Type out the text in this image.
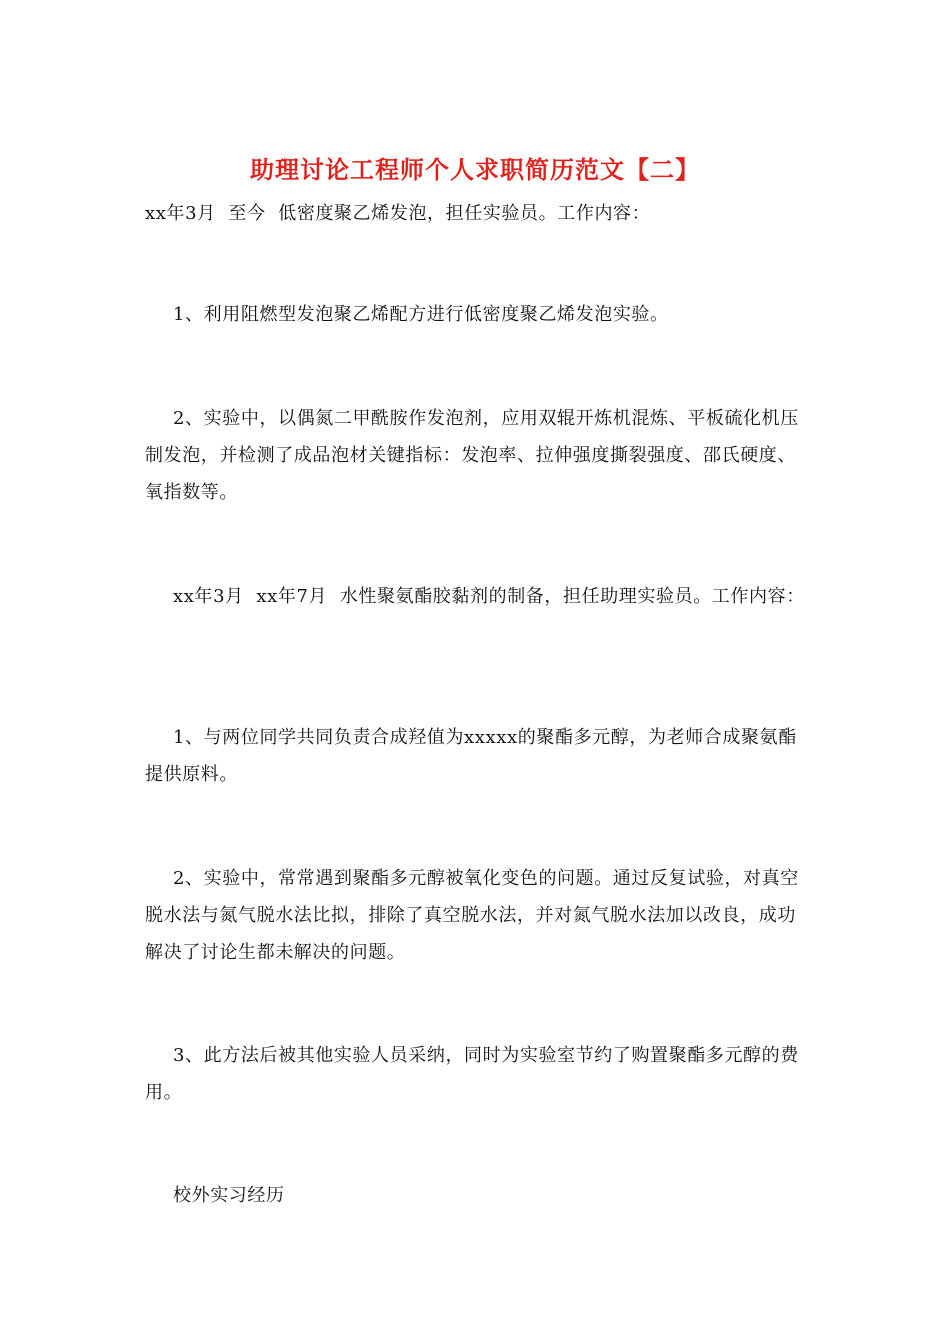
助理讨论工程师个人求职简历范文【二】

xx年3月  至今  低密度聚乙烯发泡，担任实验员。工作内容：

1、利用阻燃型发泡聚乙烯配方进行低密度聚乙烯发泡实验。

2、实验中，以偶氮二甲酰胺作发泡剂，应用双辊开炼机混炼、平板硫化机压制发泡，并检测了成品泡材关键指标：发泡率、拉伸强度撕裂强度、邵氏硬度、氧指数等。

xx年3月  xx年7月  水性聚氨酯胶黏剂的制备，担任助理实验员。工作内容：

1、与两位同学共同负责合成羟值为xxxxx的聚酯多元醇，为老师合成聚氨酯提供原料。

2、实验中，常常遇到聚酯多元醇被氧化变色的问题。通过反复试验，对真空脱水法与氮气脱水法比拟，排除了真空脱水法，并对氮气脱水法加以改良，成功解决了讨论生都未解决的问题。

3、此方法后被其他实验人员采纳，同时为实验室节约了购置聚酯多元醇的费用。

校外实习经历
